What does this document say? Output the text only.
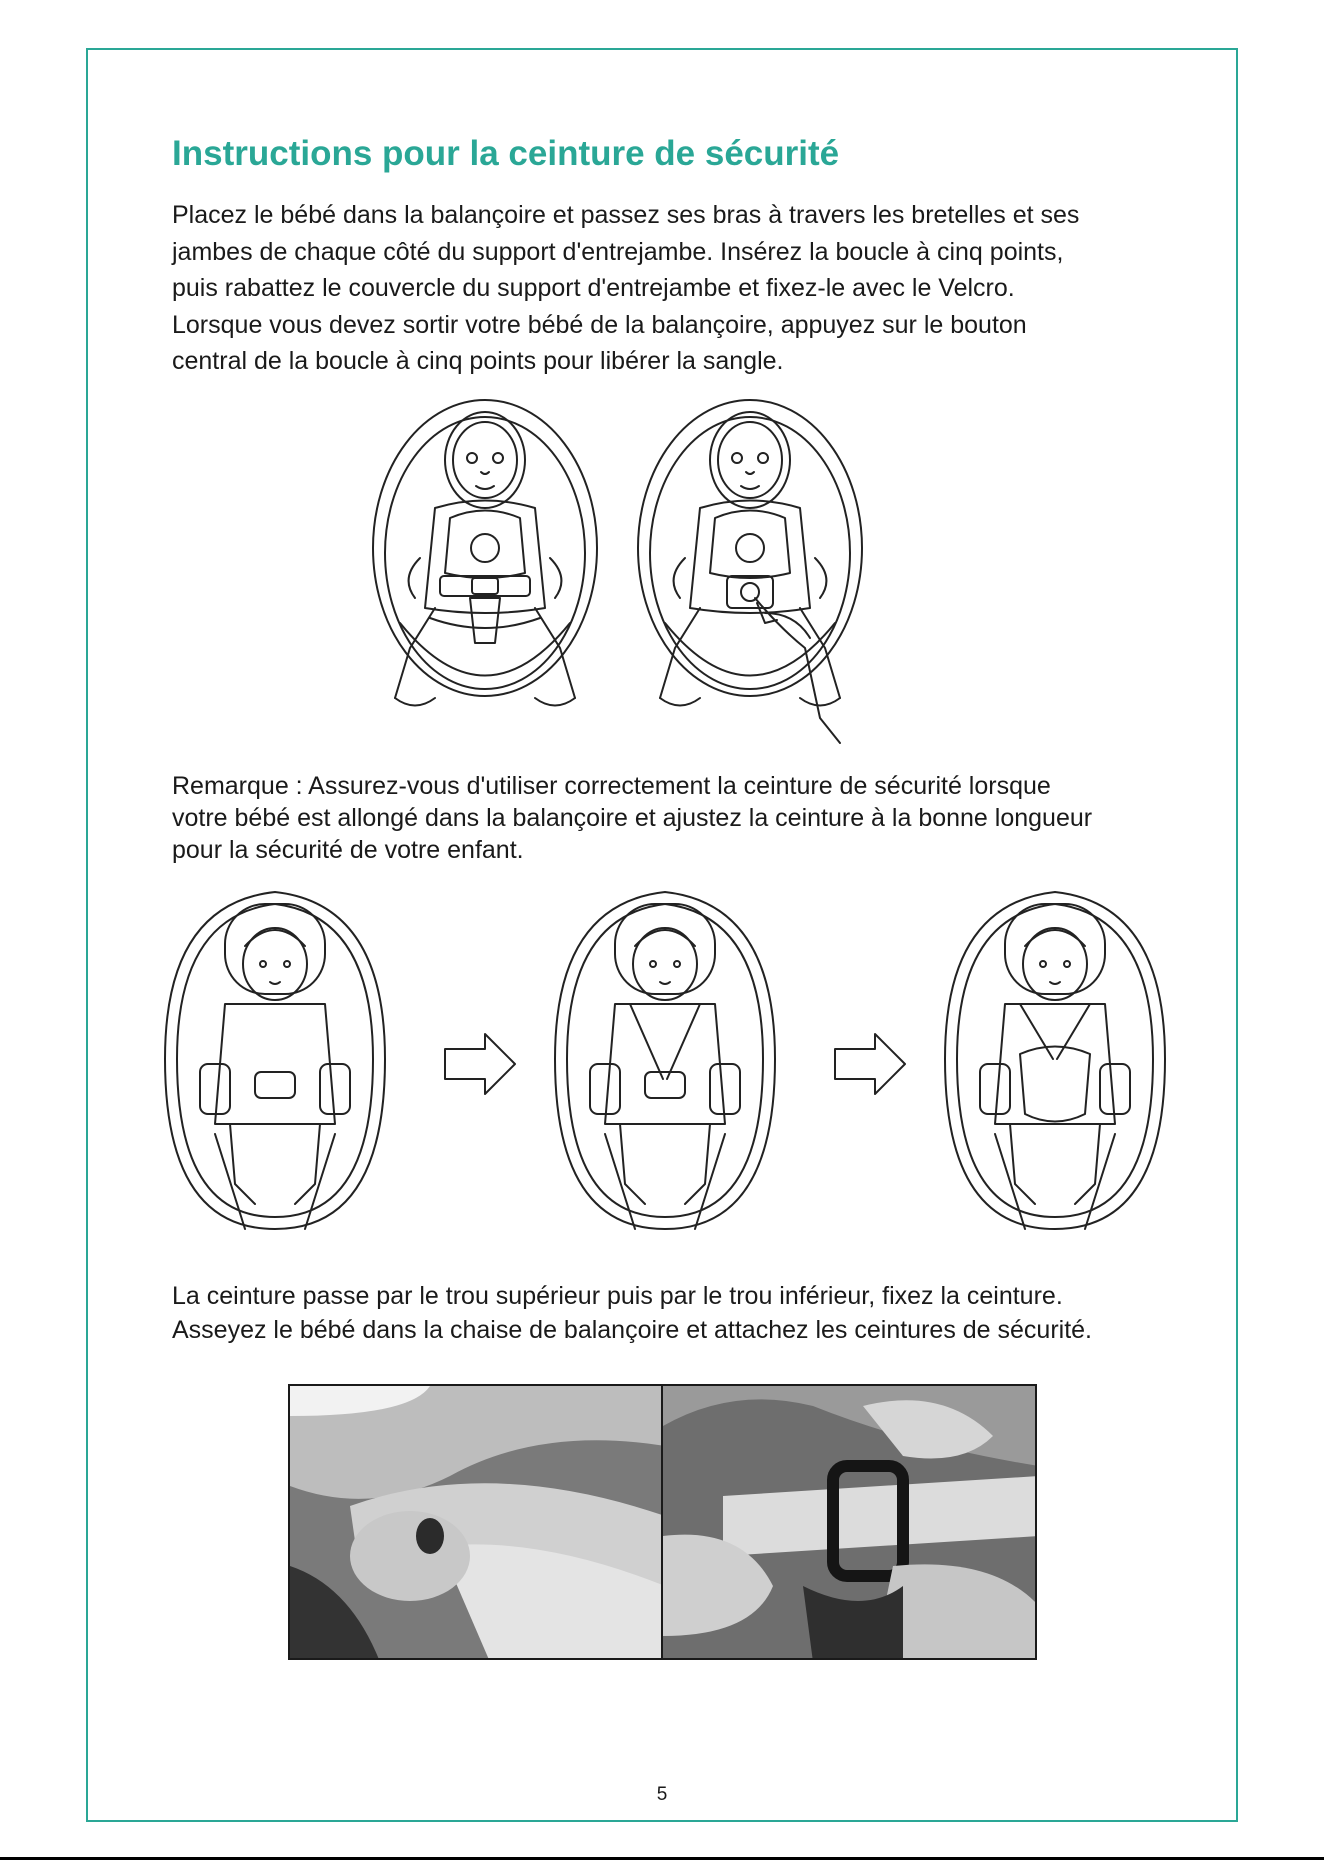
Instructions pour la ceinture de sécurité

Placez le bébé dans la balançoire et passez ses bras à travers les bretelles et ses
jambes de chaque côté du support d'entrejambe. Insérez la boucle à cinq points,
puis rabattez le couvercle du support d'entrejambe et fixez-le avec le Velcro.
Lorsque vous devez sortir votre bébé de la balançoire, appuyez sur le bouton
central de la boucle à cinq points pour libérer la sangle.

Remarque : Assurez-vous d'utiliser correctement la ceinture de sécurité lorsque
votre bébé est allongé dans la balançoire et ajustez la ceinture à la bonne longueur
pour la sécurité de votre enfant.

La ceinture passe par le trou supérieur puis par le trou inférieur, fixez la ceinture.
Asseyez le bébé dans la chaise de balançoire et attachez les ceintures de sécurité.

5
